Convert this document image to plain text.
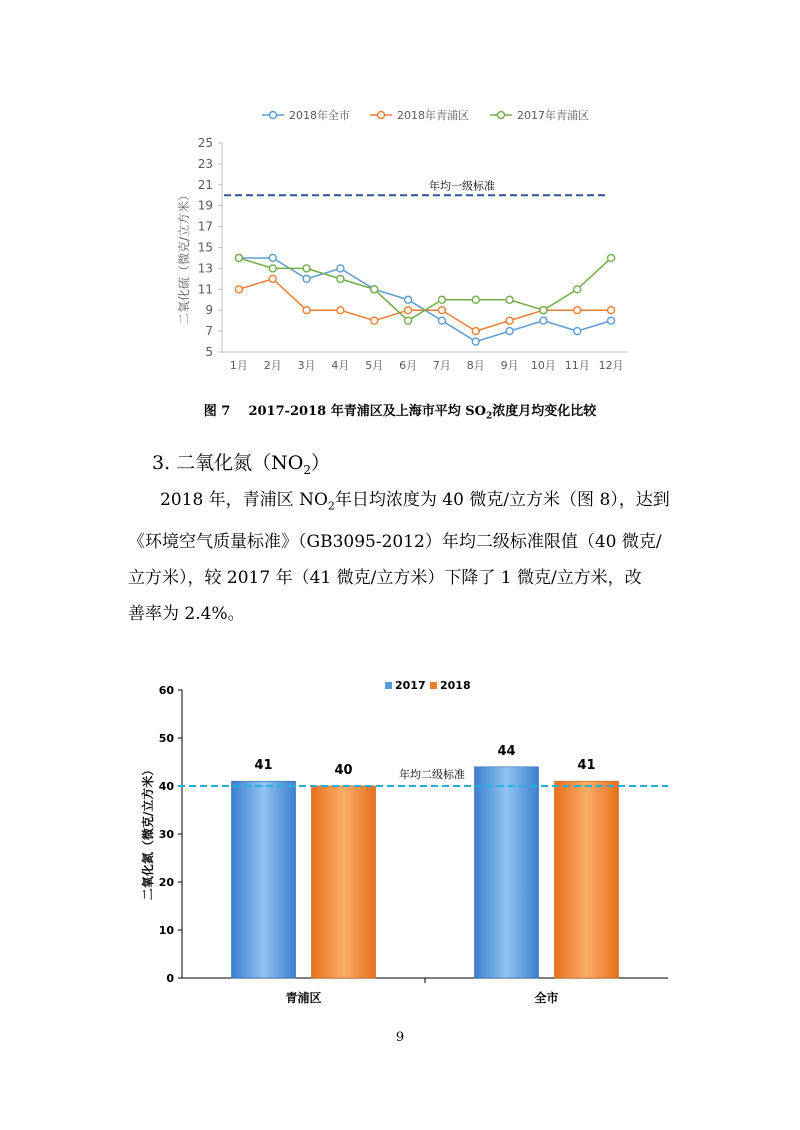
2018年全市	2018年青浦区	2017年青浦区
二氧化硫（微克/立方米）
5
7
9
11
13
15
17
19
21
23
25
1月 2月 3月 4月 5月 6月 7月 8月 9月 10月 11月 12月
年均一级标准
图 7 2017-2018 年青浦区及上海市平均 $SO_2$浓度月均变化比较
3. 二氧化氮$(NO_2)$
2018 年，青浦区 $NO_2$年日均浓度为 40 微克/立方米（图 8），达到
《环境空气质量标准》（GB3095-2012）年均二级标准限值（40 微克/
立方米），较 2017 年（41 微克/立方米）下降了 1 微克/立方米，改
善率为 2.4%。
2017 2018
二氧化氮（微克/立方米）
0
10
20
30
40
50
60
青浦区	全市
41	40
44
41
年均二级标准
9
